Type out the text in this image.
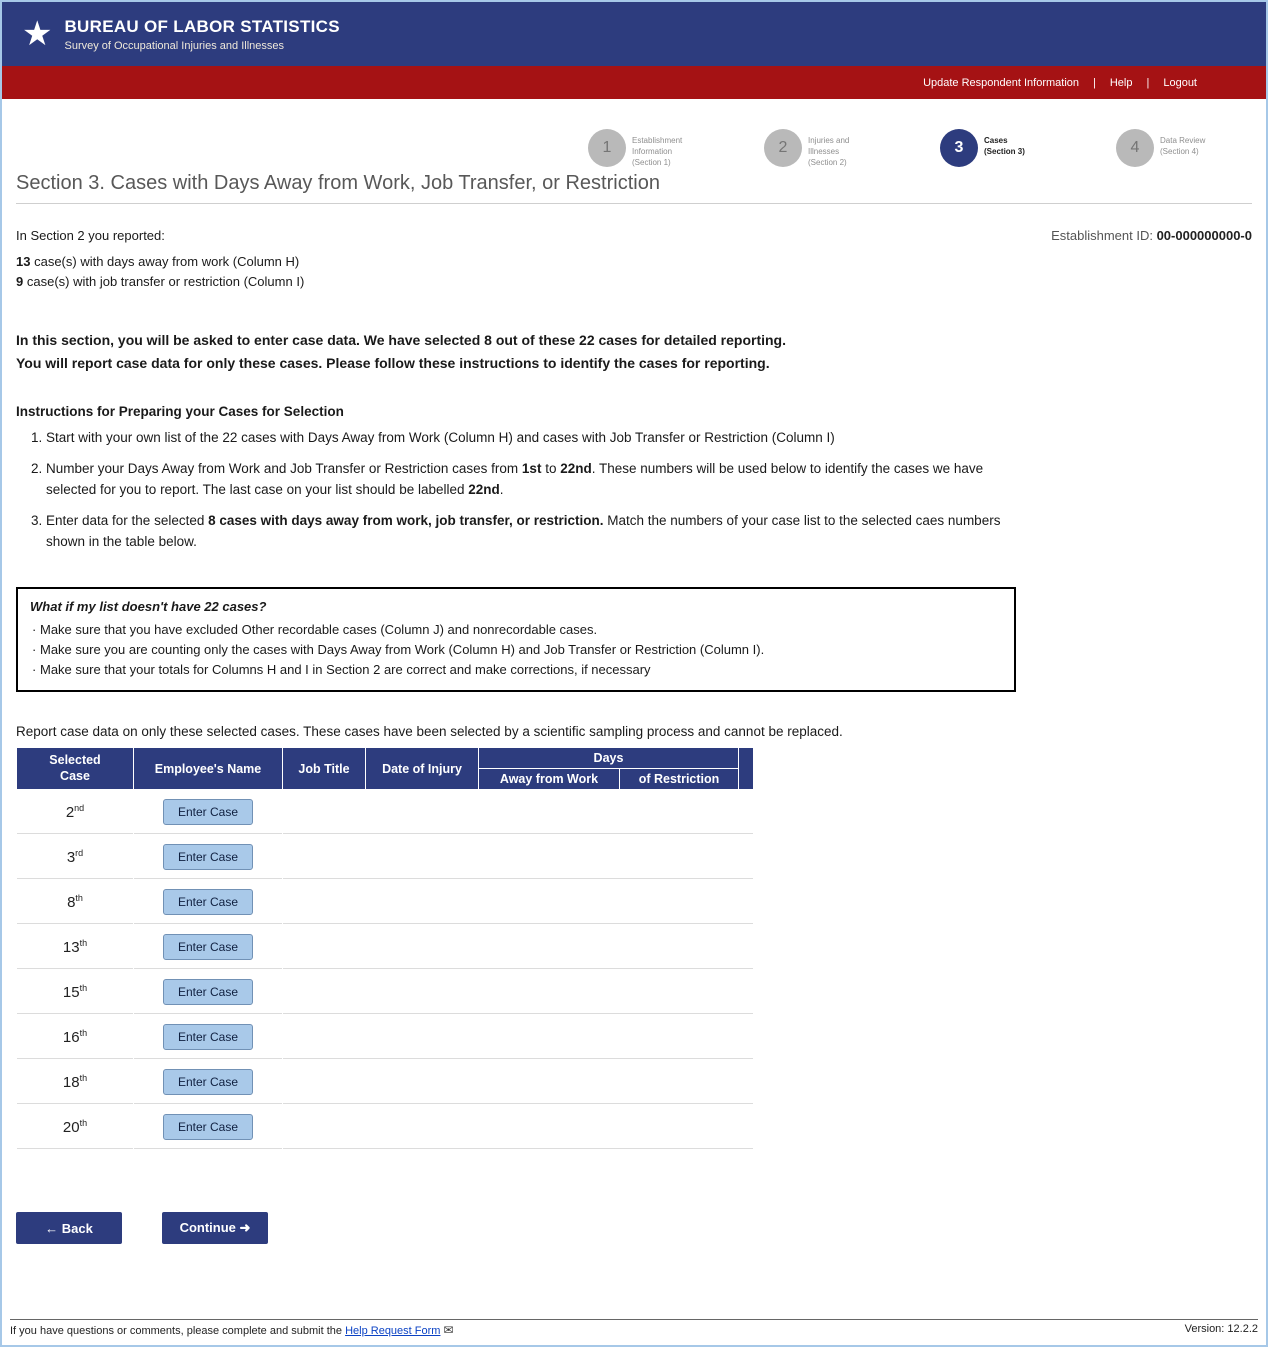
★ BUREAU OF LABOR STATISTICS
Survey of Occupational Injuries and Illnesses
Update Respondent Information	|	Help	|	Logout
1	Establishment
Information
(Section 1)
2	Injuries and
Illnesses
(Section 2)
3	Cases
(Section 3)	4	Data Review
(Section 4)
Section 3. Cases with Days Away from Work, Job Transfer, or Restriction
In Section 2 you reported:	Establishment ID: 00-000000000-0
13 case(s) with days away from work (Column H)
9 case(s) with job transfer or restriction (Column I)
In this section, you will be asked to enter case data. We have selected 8 out of these 22 cases for detailed reporting.
You will report case data for only these cases. Please follow these instructions to identify the cases for reporting.
Instructions for Preparing your Cases for Selection
1. Start with your own list of the 22 cases with Days Away from Work (Column H) and cases with Job Transfer or Restriction (Column I)
2. Number your Days Away from Work and Job Transfer or Restriction cases from 1st to 22nd. These numbers will be used below to identify the cases we have selected for you to report. The last case on your list should be labelled 22nd.
3. Enter data for the selected 8 cases with days away from work, job transfer, or restriction. Match the numbers of your case list to the selected caes numbers shown in the table below.
What if my list doesn't have 22 cases?
· Make sure that you have excluded Other recordable cases (Column J) and nonrecordable cases.
· Make sure you are counting only the cases with Days Away from Work (Column H) and Job Transfer or Restriction (Column I).
· Make sure that your totals for Columns H and I in Section 2 are correct and make corrections, if necessary
Report case data on only these selected cases. These cases have been selected by a scientific sampling process and cannot be replaced.
Selected
Case	Employee's Name	Job Title	Date of Injury	Days		
				Away from Work	of Restriction	
2nd	Enter Case					
3rd	Enter Case					
8th	Enter Case					
13th	Enter Case					
15th	Enter Case					
16th	Enter Case					
18th	Enter Case					
20th	Enter Case					
← Back	Continue ➜
If you have questions or comments, please complete and submit the Help Request Form ✉	Version: 12.2.2
